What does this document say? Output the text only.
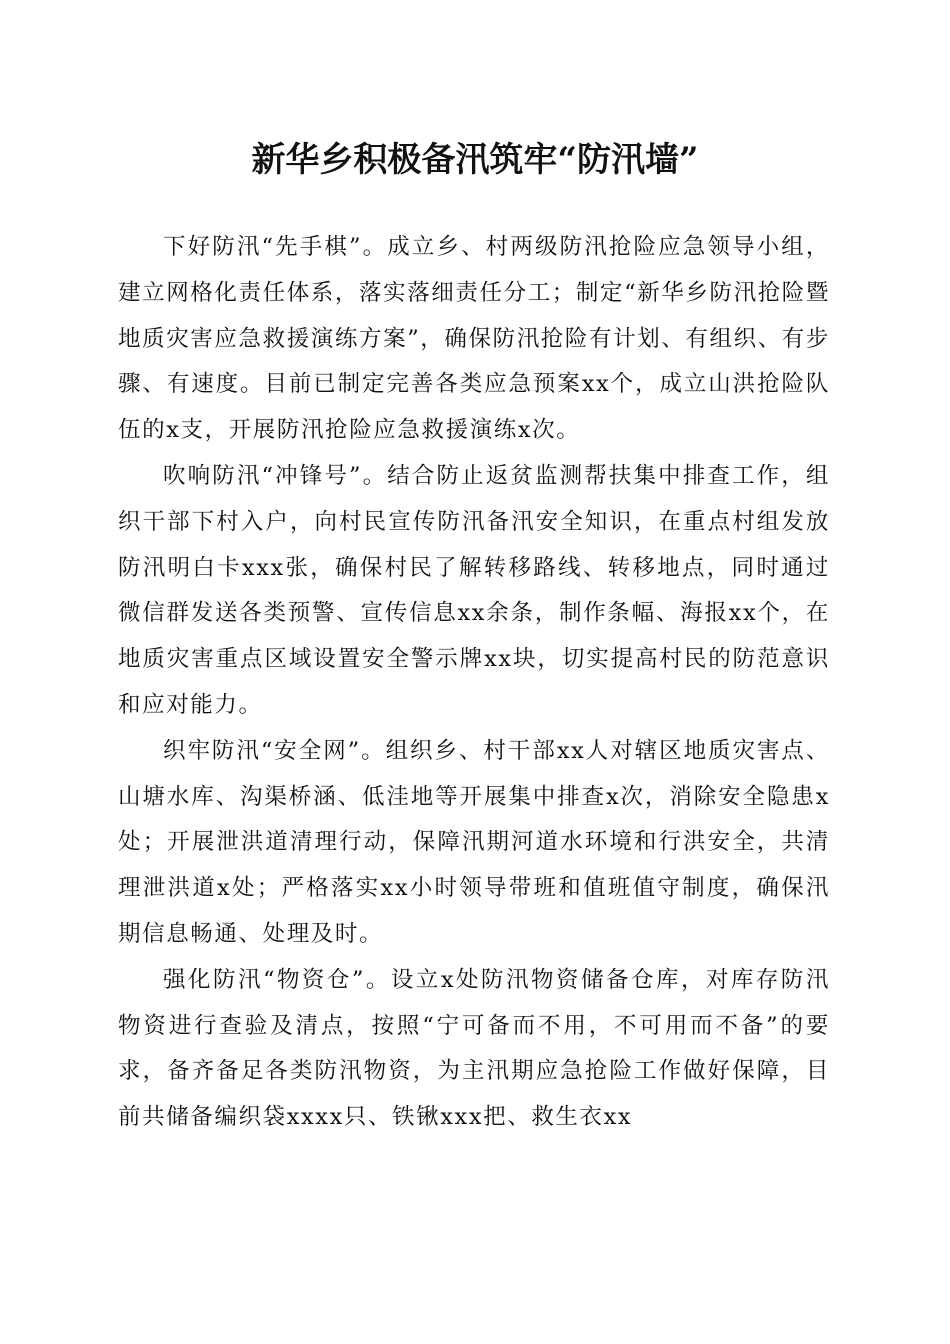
新华乡积极备汛筑牢“防汛墙”

下好防汛“先手棋”。成立乡、村两级防汛抢险应急领导小组，建立网格化责任体系，落实落细责任分工；制定“新华乡防汛抢险暨地质灾害应急救援演练方案”，确保防汛抢险有计划、有组织、有步骤、有速度。目前已制定完善各类应急预案xx个，成立山洪抢险队伍的x支，开展防汛抢险应急救援演练x次。

吹响防汛“冲锋号”。结合防止返贫监测帮扶集中排查工作，组织干部下村入户，向村民宣传防汛备汛安全知识，在重点村组发放防汛明白卡xxx张，确保村民了解转移路线、转移地点，同时通过微信群发送各类预警、宣传信息xx余条，制作条幅、海报xx个，在地质灾害重点区域设置安全警示牌xx块，切实提高村民的防范意识和应对能力。

织牢防汛“安全网”。组织乡、村干部xx人对辖区地质灾害点、山塘水库、沟渠桥涵、低洼地等开展集中排查x次，消除安全隐患x处；开展泄洪道清理行动，保障汛期河道水环境和行洪安全，共清理泄洪道x处；严格落实xx小时领导带班和值班值守制度，确保汛期信息畅通、处理及时。

强化防汛“物资仓”。设立x处防汛物资储备仓库，对库存防汛物资进行查验及清点，按照“宁可备而不用，不可用而不备”的要求，备齐备足各类防汛物资，为主汛期应急抢险工作做好保障，目前共储备编织袋xxxx只、铁锹xxx把、救生衣xx
